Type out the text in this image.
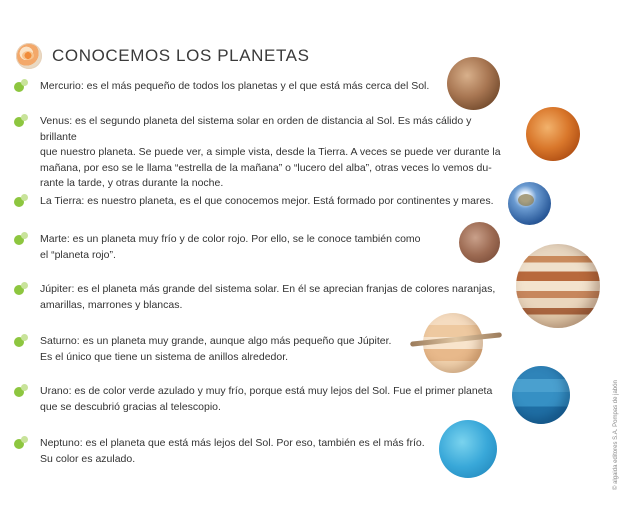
CONOCEMOS LOS PLANETAS
Mercurio: es el más pequeño de todos los planetas y el que está más cerca del Sol.
Venus: es el segundo planeta del sistema solar en orden de distancia al Sol. Es más cálido y brillante
que nuestro planeta. Se puede ver, a simple vista, desde la Tierra. A veces se puede ver durante la
mañana, por eso se le llama “estrella de la mañana” o “lucero del alba”, otras veces lo vemos du-
rante la tarde, y otras durante la noche.
La Tierra: es nuestro planeta, es el que conocemos mejor. Está formado por continentes y mares.
Marte: es un planeta muy frío y de color rojo. Por ello, se le conoce también como
el “planeta rojo”.
Júpiter: es el planeta más grande del sistema solar. En él se aprecian franjas de colores naranjas,
amarillas, marrones y blancas.
Saturno: es un planeta muy grande, aunque algo más pequeño que Júpiter.
Es el único que tiene un sistema de anillos alrededor.
Urano: es de color verde azulado y muy frío, porque está muy lejos del Sol. Fue el primer planeta
que se descubrió gracias al telescopio.
Neptuno: es el planeta que está más lejos del Sol. Por eso, también es el más frío.
Su color es azulado.	© algaida editores S.A. Pompas de jabón
